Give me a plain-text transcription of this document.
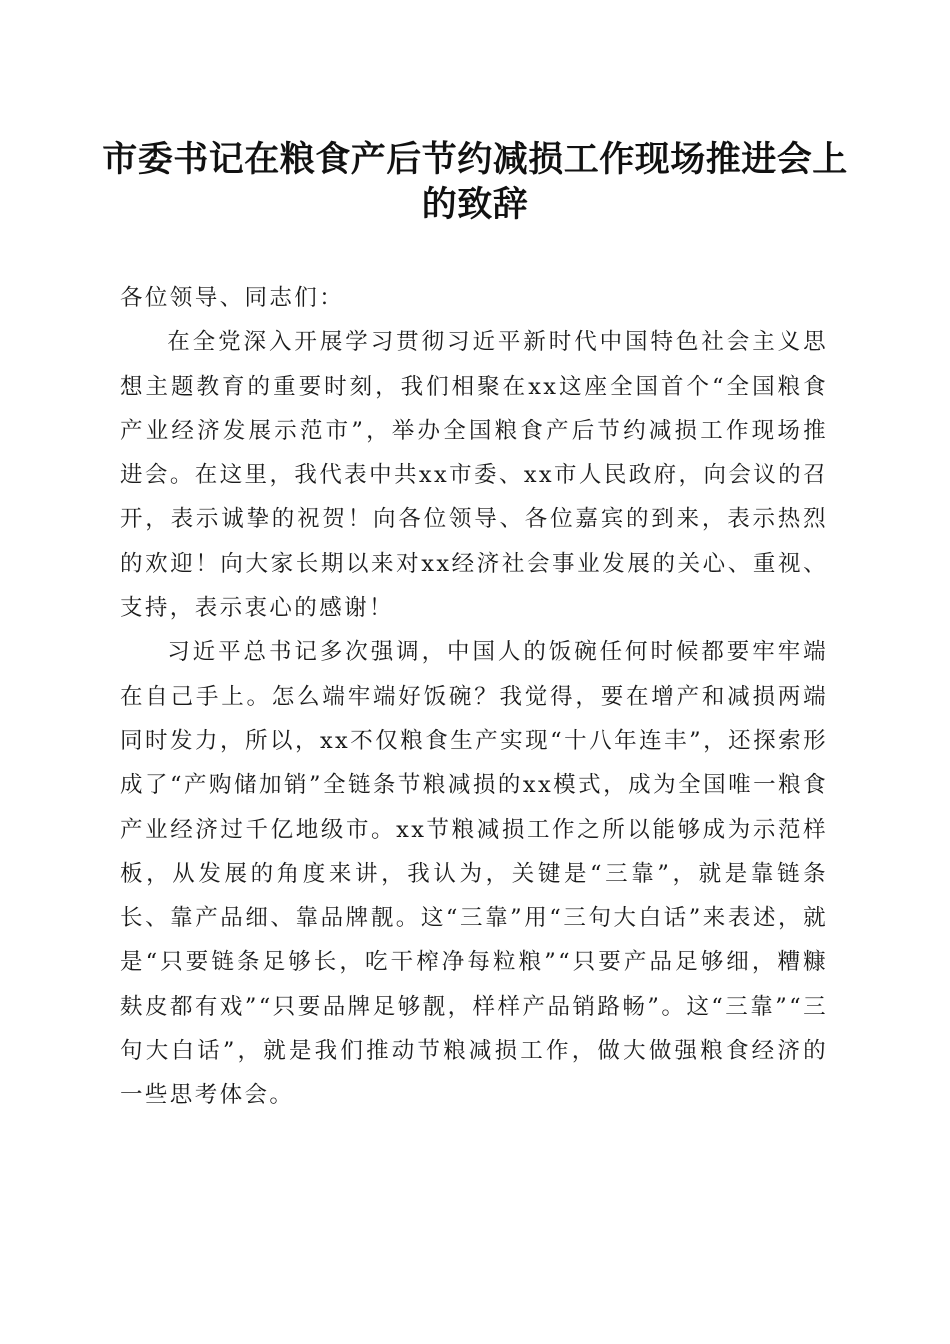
市委书记在粮食产后节约减损工作现场推进会上的致辞

各位领导、同志们：

在全党深入开展学习贯彻习近平新时代中国特色社会主义思想主题教育的重要时刻，我们相聚在xx这座全国首个“全国粮食产业经济发展示范市”，举办全国粮食产后节约减损工作现场推进会。在这里，我代表中共xx市委、xx市人民政府，向会议的召开，表示诚挚的祝贺！向各位领导、各位嘉宾的到来，表示热烈的欢迎！向大家长期以来对xx经济社会事业发展的关心、重视、支持，表示衷心的感谢！

习近平总书记多次强调，中国人的饭碗任何时候都要牢牢端在自己手上。怎么端牢端好饭碗？我觉得，要在增产和减损两端同时发力，所以，xx不仅粮食生产实现“十八年连丰”，还探索形成了“产购储加销”全链条节粮减损的xx模式，成为全国唯一粮食产业经济过千亿地级市。xx节粮减损工作之所以能够成为示范样板，从发展的角度来讲，我认为，关键是“三靠”，就是靠链条长、靠产品细、靠品牌靓。这“三靠”用“三句大白话”来表述，就是“只要链条足够长，吃干榨净每粒粮”“只要产品足够细，糟糠麸皮都有戏”“只要品牌足够靓，样样产品销路畅”。这“三靠”“三句大白话”，就是我们推动节粮减损工作，做大做强粮食经济的一些思考体会。
